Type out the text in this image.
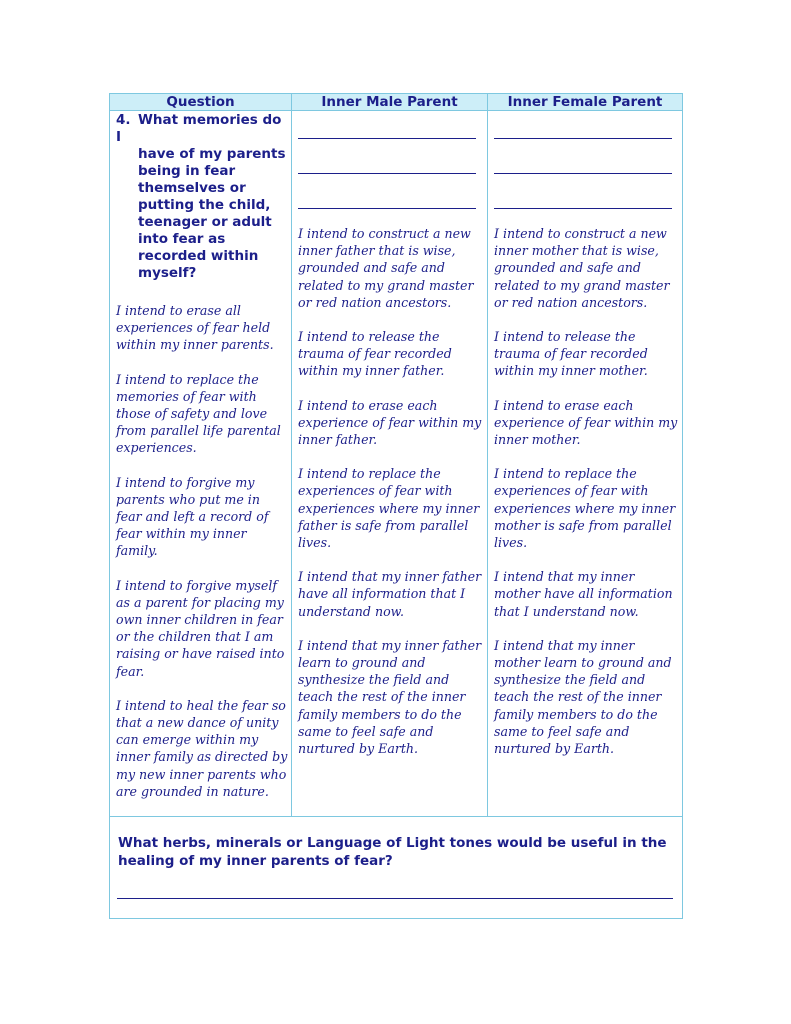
Question	Inner Male Parent	Inner Female Parent
4. What memories do I
have of my parents
being in fear
themselves or
putting the child,
teenager or adult
into fear as
recorded within
myself?

I intend to erase all experiences of fear held within my inner parents.

I intend to replace the memories of fear with those of safety and love from parallel life parental experiences.

I intend to forgive my parents who put me in fear and left a record of fear within my inner family.

I intend to forgive myself as a parent for placing my own inner children in fear or the children that I am raising or have raised into fear.

I intend to heal the fear so that a new dance of unity can emerge within my inner family as directed by my new inner parents who are grounded in nature.

I intend to construct a new inner father that is wise, grounded and safe and related to my grand master or red nation ancestors.

I intend to release the trauma of fear recorded within my inner father.

I intend to erase each experience of fear within my inner father.

I intend to replace the experiences of fear with experiences where my inner father is safe from parallel lives.

I intend that my inner father have all information that I understand now.

I intend that my inner father learn to ground and synthesize the field and teach the rest of the inner family members to do the same to feel safe and nurtured by Earth.

I intend to construct a new inner mother that is wise, grounded and safe and related to my grand master or red nation ancestors.

I intend to release the trauma of fear recorded within my inner mother.

I intend to erase each experience of fear within my inner mother.

I intend to replace the experiences of fear with experiences where my inner mother is safe from parallel lives.

I intend that my inner mother have all information that I understand now.

I intend that my inner mother learn to ground and synthesize the field and teach the rest of the inner family members to do the same to feel safe and nurtured by Earth.

What herbs, minerals or Language of Light tones would be useful in the healing of my inner parents of fear?
